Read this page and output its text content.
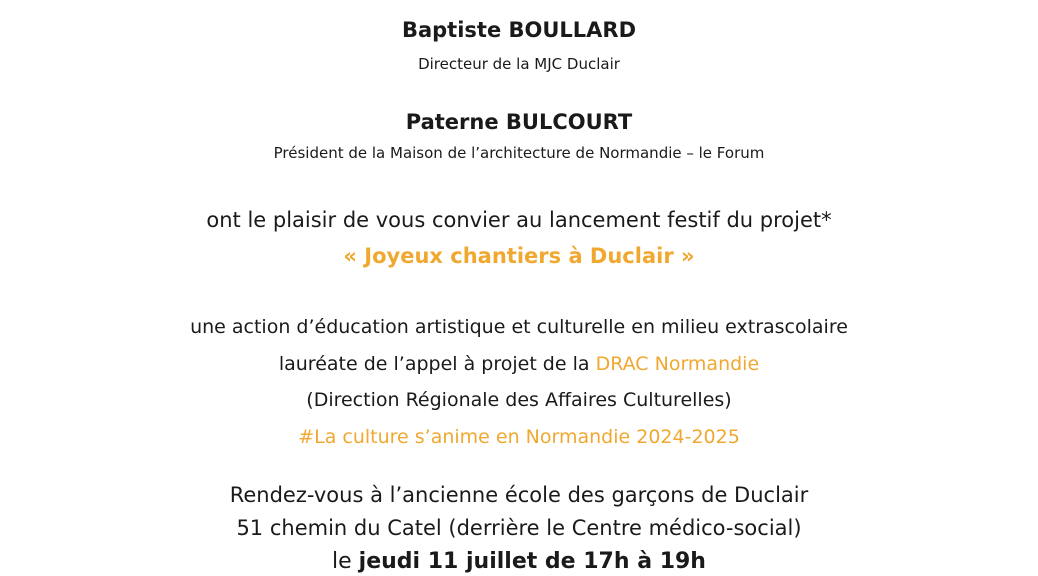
Baptiste BOULLARD
Directeur de la MJC Duclair
Paterne BULCOURT
Président de la Maison de l’architecture de Normandie – le Forum
ont le plaisir de vous convier au lancement festif du projet*
« Joyeux chantiers à Duclair »
une action d’éducation artistique et culturelle en milieu extrascolaire
lauréate de l’appel à projet de la DRAC Normandie
(Direction Régionale des Affaires Culturelles)
#La culture s’anime en Normandie 2024-2025
Rendez-vous à l’ancienne école des garçons de Duclair
51 chemin du Catel (derrière le Centre médico-social)
le jeudi 11 juillet de 17h à 19h
